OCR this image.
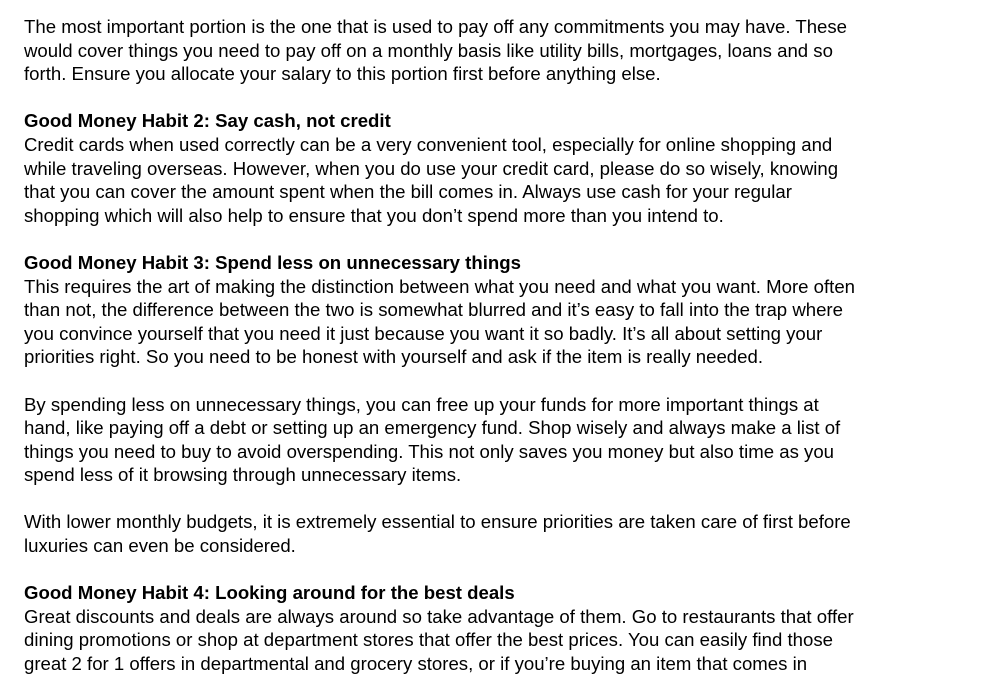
The most important portion is the one that is used to pay off any commitments you may have. These
would cover things you need to pay off on a monthly basis like utility bills, mortgages, loans and so
forth. Ensure you allocate your salary to this portion first before anything else.

Good Money Habit 2: Say cash, not credit
Credit cards when used correctly can be a very convenient tool, especially for online shopping and
while traveling overseas. However, when you do use your credit card, please do so wisely, knowing
that you can cover the amount spent when the bill comes in. Always use cash for your regular
shopping which will also help to ensure that you don’t spend more than you intend to.

Good Money Habit 3: Spend less on unnecessary things
This requires the art of making the distinction between what you need and what you want. More often
than not, the difference between the two is somewhat blurred and it’s easy to fall into the trap where
you convince yourself that you need it just because you want it so badly. It’s all about setting your
priorities right. So you need to be honest with yourself and ask if the item is really needed.

By spending less on unnecessary things, you can free up your funds for more important things at
hand, like paying off a debt or setting up an emergency fund. Shop wisely and always make a list of
things you need to buy to avoid overspending. This not only saves you money but also time as you
spend less of it browsing through unnecessary items.

With lower monthly budgets, it is extremely essential to ensure priorities are taken care of first before
luxuries can even be considered.

Good Money Habit 4: Looking around for the best deals
Great discounts and deals are always around so take advantage of them. Go to restaurants that offer
dining promotions or shop at department stores that offer the best prices. You can easily find those
great 2 for 1 offers in departmental and grocery stores, or if you’re buying an item that comes in
